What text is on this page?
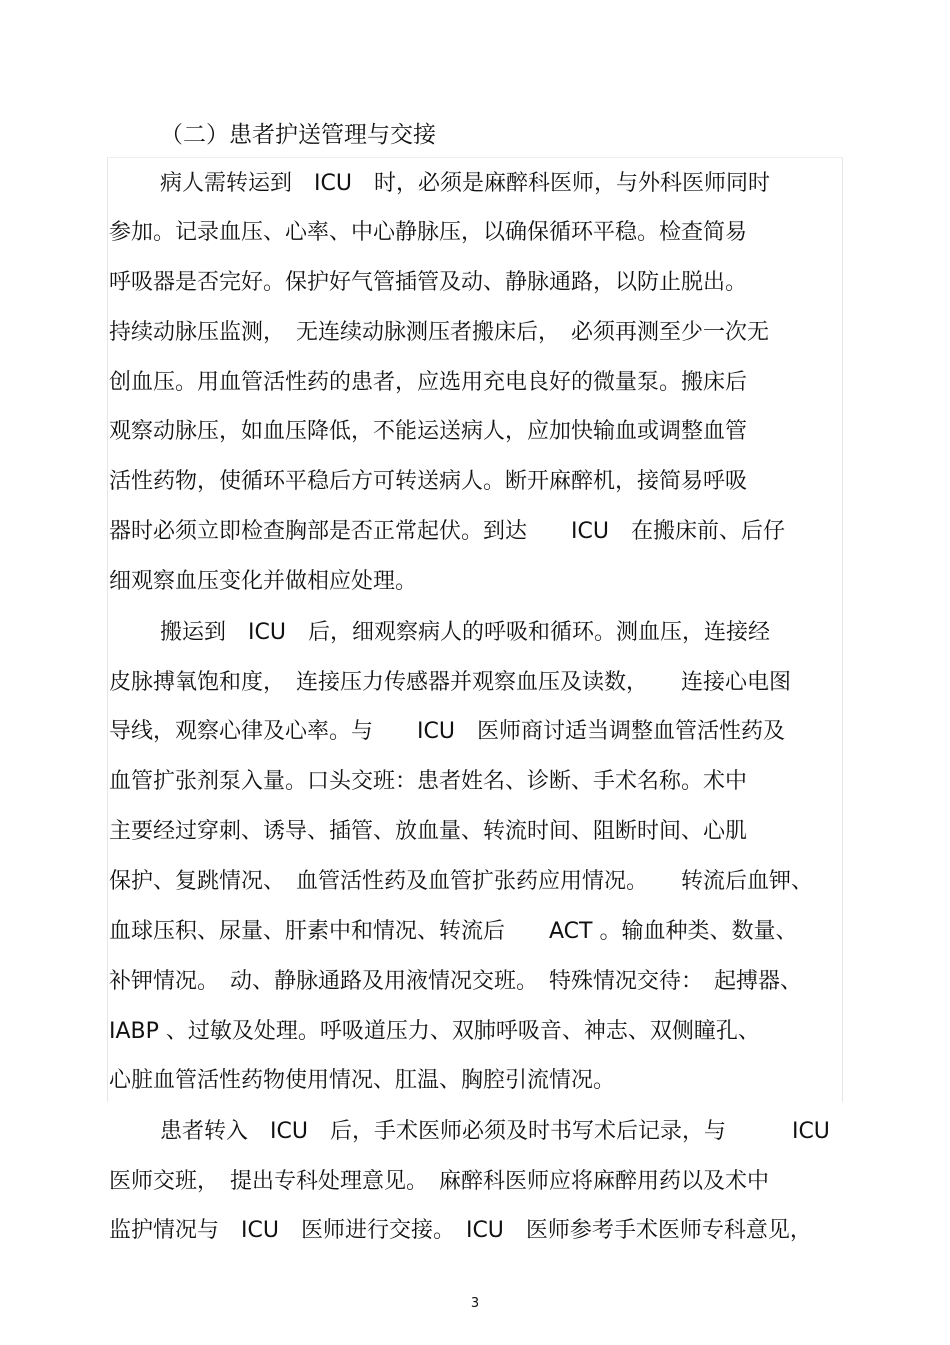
（二）患者护送管理与交接
病人需转运到　ICU　时，必须是麻醉科医师，与外科医师同时
参加。记录血压、心率、中心静脉压，以确保循环平稳。检查简易
呼吸器是否完好。保护好气管插管及动、静脉通路，以防止脱出。
持续动脉压监测，　无连续动脉测压者搬床后，　必须再测至少一次无
创血压。用血管活性药的患者，应选用充电良好的微量泵。搬床后
观察动脉压，如血压降低，不能运送病人，应加快输血或调整血管
活性药物，使循环平稳后方可转送病人。断开麻醉机，接简易呼吸
器时必须立即检查胸部是否正常起伏。到达　　ICU　在搬床前、后仔
细观察血压变化并做相应处理。
搬运到　ICU　后，细观察病人的呼吸和循环。测血压，连接经
皮脉搏氧饱和度，　连接压力传感器并观察血压及读数，　　连接心电图
导线，观察心律及心率。与　　ICU　医师商讨适当调整血管活性药及
血管扩张剂泵入量。口头交班：患者姓名、诊断、手术名称。术中
主要经过穿刺、诱导、插管、放血量、转流时间、阻断时间、心肌
保护、复跳情况、　血管活性药及血管扩张药应用情况。　　转流后血钾、
血球压积、尿量、肝素中和情况、转流后　　ACT 。输血种类、数量、
补钾情况。　动、静脉通路及用液情况交班。　特殊情况交待：　起搏器、
IABP 、过敏及处理。呼吸道压力、双肺呼吸音、神志、双侧瞳孔、
心脏血管活性药物使用情况、肛温、胸腔引流情况。
患者转入　ICU　后，手术医师必须及时书写术后记录，与　　　ICU
医师交班，　提出专科处理意见。　麻醉科医师应将麻醉用药以及术中
监护情况与　ICU　医师进行交接。　ICU　医师参考手术医师专科意见，
3
